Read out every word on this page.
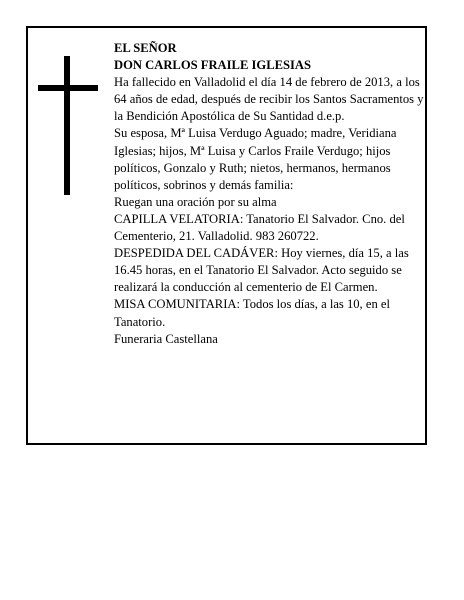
EL SEÑOR

DON CARLOS FRAILE IGLESIAS

Ha fallecido en Valladolid el día 14 de febrero de 2013, a los 64 años de edad, después de recibir los Santos Sacramentos y la Bendición Apostólica de Su Santidad d.e.p.

Su esposa, Mª Luisa Verdugo Aguado; madre, Veridiana Iglesias; hijos, Mª Luisa y Carlos Fraile Verdugo; hijos políticos, Gonzalo y Ruth; nietos, hermanos, hermanos políticos, sobrinos y demás familia:

Ruegan una oración por su alma

CAPILLA VELATORIA: Tanatorio El Salvador. Cno. del Cementerio, 21. Valladolid. 983 260722.

DESPEDIDA DEL CADÁVER: Hoy viernes, día 15, a las 16.45 horas, en el Tanatorio El Salvador. Acto seguido se realizará la conducción al cementerio de El Carmen.

MISA COMUNITARIA: Todos los días, a las 10, en el Tanatorio.

Funeraria Castellana
